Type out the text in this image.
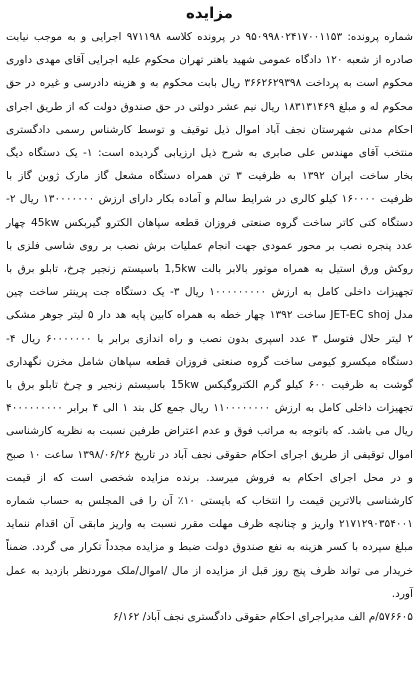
مزایده

شماره پرونده: ۹۵۰۹۹۸۰۲۴۱۷۰۰۱۱۵۳ در پرونده کلاسه ۹۷۱۱۹۸ اجرایی و به موجب نیابت صادره از شعبه ۱۲۰ دادگاه عمومی شهید باهنر تهران محکوم علیه اجرایی آقای مهدی داوری محکوم است به پرداخت ۳۶۶۲۶۲۹۳۹۸ ریال بابت محکوم به و هزینه دادرسی و غیره در حق محکوم له و مبلغ ۱۸۳۱۳۱۴۶۹ ریال نیم عشر دولتی در حق صندوق دولت که از طریق اجرای احکام مدنی شهرستان نجف آباد اموال ذیل توقیف و توسط کارشناس رسمی دادگستری منتخب آقای مهندس علی صابری به شرح ذیل ارزیابی گردیده است: ۱- یک دستگاه دیگ بخار ساخت ایران ۱۳۹۲ به ظرفیت ۳ تن همراه دستگاه مشعل گاز مارک ژوبن گاز با ظرفیت ۱۶۰۰۰۰ کیلو کالری در شرایط سالم و آماده بکار دارای ارزش ۱۳۰۰۰۰۰۰۰ ریال ۲- دستگاه کتی کاتر ساخت گروه صنعتی فروزان قطعه سپاهان الکترو گیربکس 45kw چهار عدد پنجره نصب بر محور عمودی جهت انجام عملیات برش نصب بر روی شاسی فلزی با روکش ورق استیل به همراه موتور بالابر بالت 1,5kw باسیستم زنجیر چرخ، تابلو برق با تجهیزات داخلی کامل به ارزش ۱۰۰۰۰۰۰۰۰۰ ریال ۳- یک دستگاه جت پرینتر ساخت چین مدل JET-EC shoj ساخت ۱۳۹۲ چهار خطه به همراه کابین پایه هد دار ۵ لیتر جوهر مشکی ۲ لیتر حلال فتوسل ۳ عدد اسپری بدون نصب و راه اندازی برابر با ۶۰۰۰۰۰۰۰ ریال ۴- دستگاه میکسرو کیومی ساخت گروه صنعتی فروزان قطعه سپاهان شامل مخزن نگهداری گوشت به ظرفیت ۶۰۰ کیلو گرم الکتروگیکس 15kw باسیستم زنجیر و چرخ تابلو برق با تجهیزات داخلی کامل به ارزش ۱۱۰۰۰۰۰۰۰۰ ریال جمع کل بند ۱ الی ۴ برابر ۴۰۰۰۰۰۰۰۰۰ ریال می باشد. که باتوجه به مراتب فوق و عدم اعتراض طرفین نسبت به نظریه کارشناسی اموال توقیفی از طریق اجرای احکام حقوقی نجف آباد در تاریخ ۱۳۹۸/۰۶/۲۶ ساعت ۱۰ صبح و در محل اجرای احکام به فروش میرسد. برنده مزایده شخصی است که از قیمت کارشناسی بالاترین قیمت را انتخاب که بایستی ۱۰٪ آن را فی المجلس به حساب شماره ۲۱۷۱۲۹۰۳۵۴۰۰۱ واریز و چنانچه ظرف مهلت مقرر نسبت به واریز مابقی آن اقدام ننماید مبلغ سپرده با کسر هزینه به نفع صندوق دولت ضبط و مزایده مجدداً تکرار می گردد. ضمناً خریدار می تواند ظرف پنج روز قبل از مزایده از مال /اموال/ملک موردنظر بازدید به عمل آورد.

۵۷۶۶۰۵/م الف مدیراجرای احکام حقوقی دادگستری نجف آباد/ ۶/۱۶۲
